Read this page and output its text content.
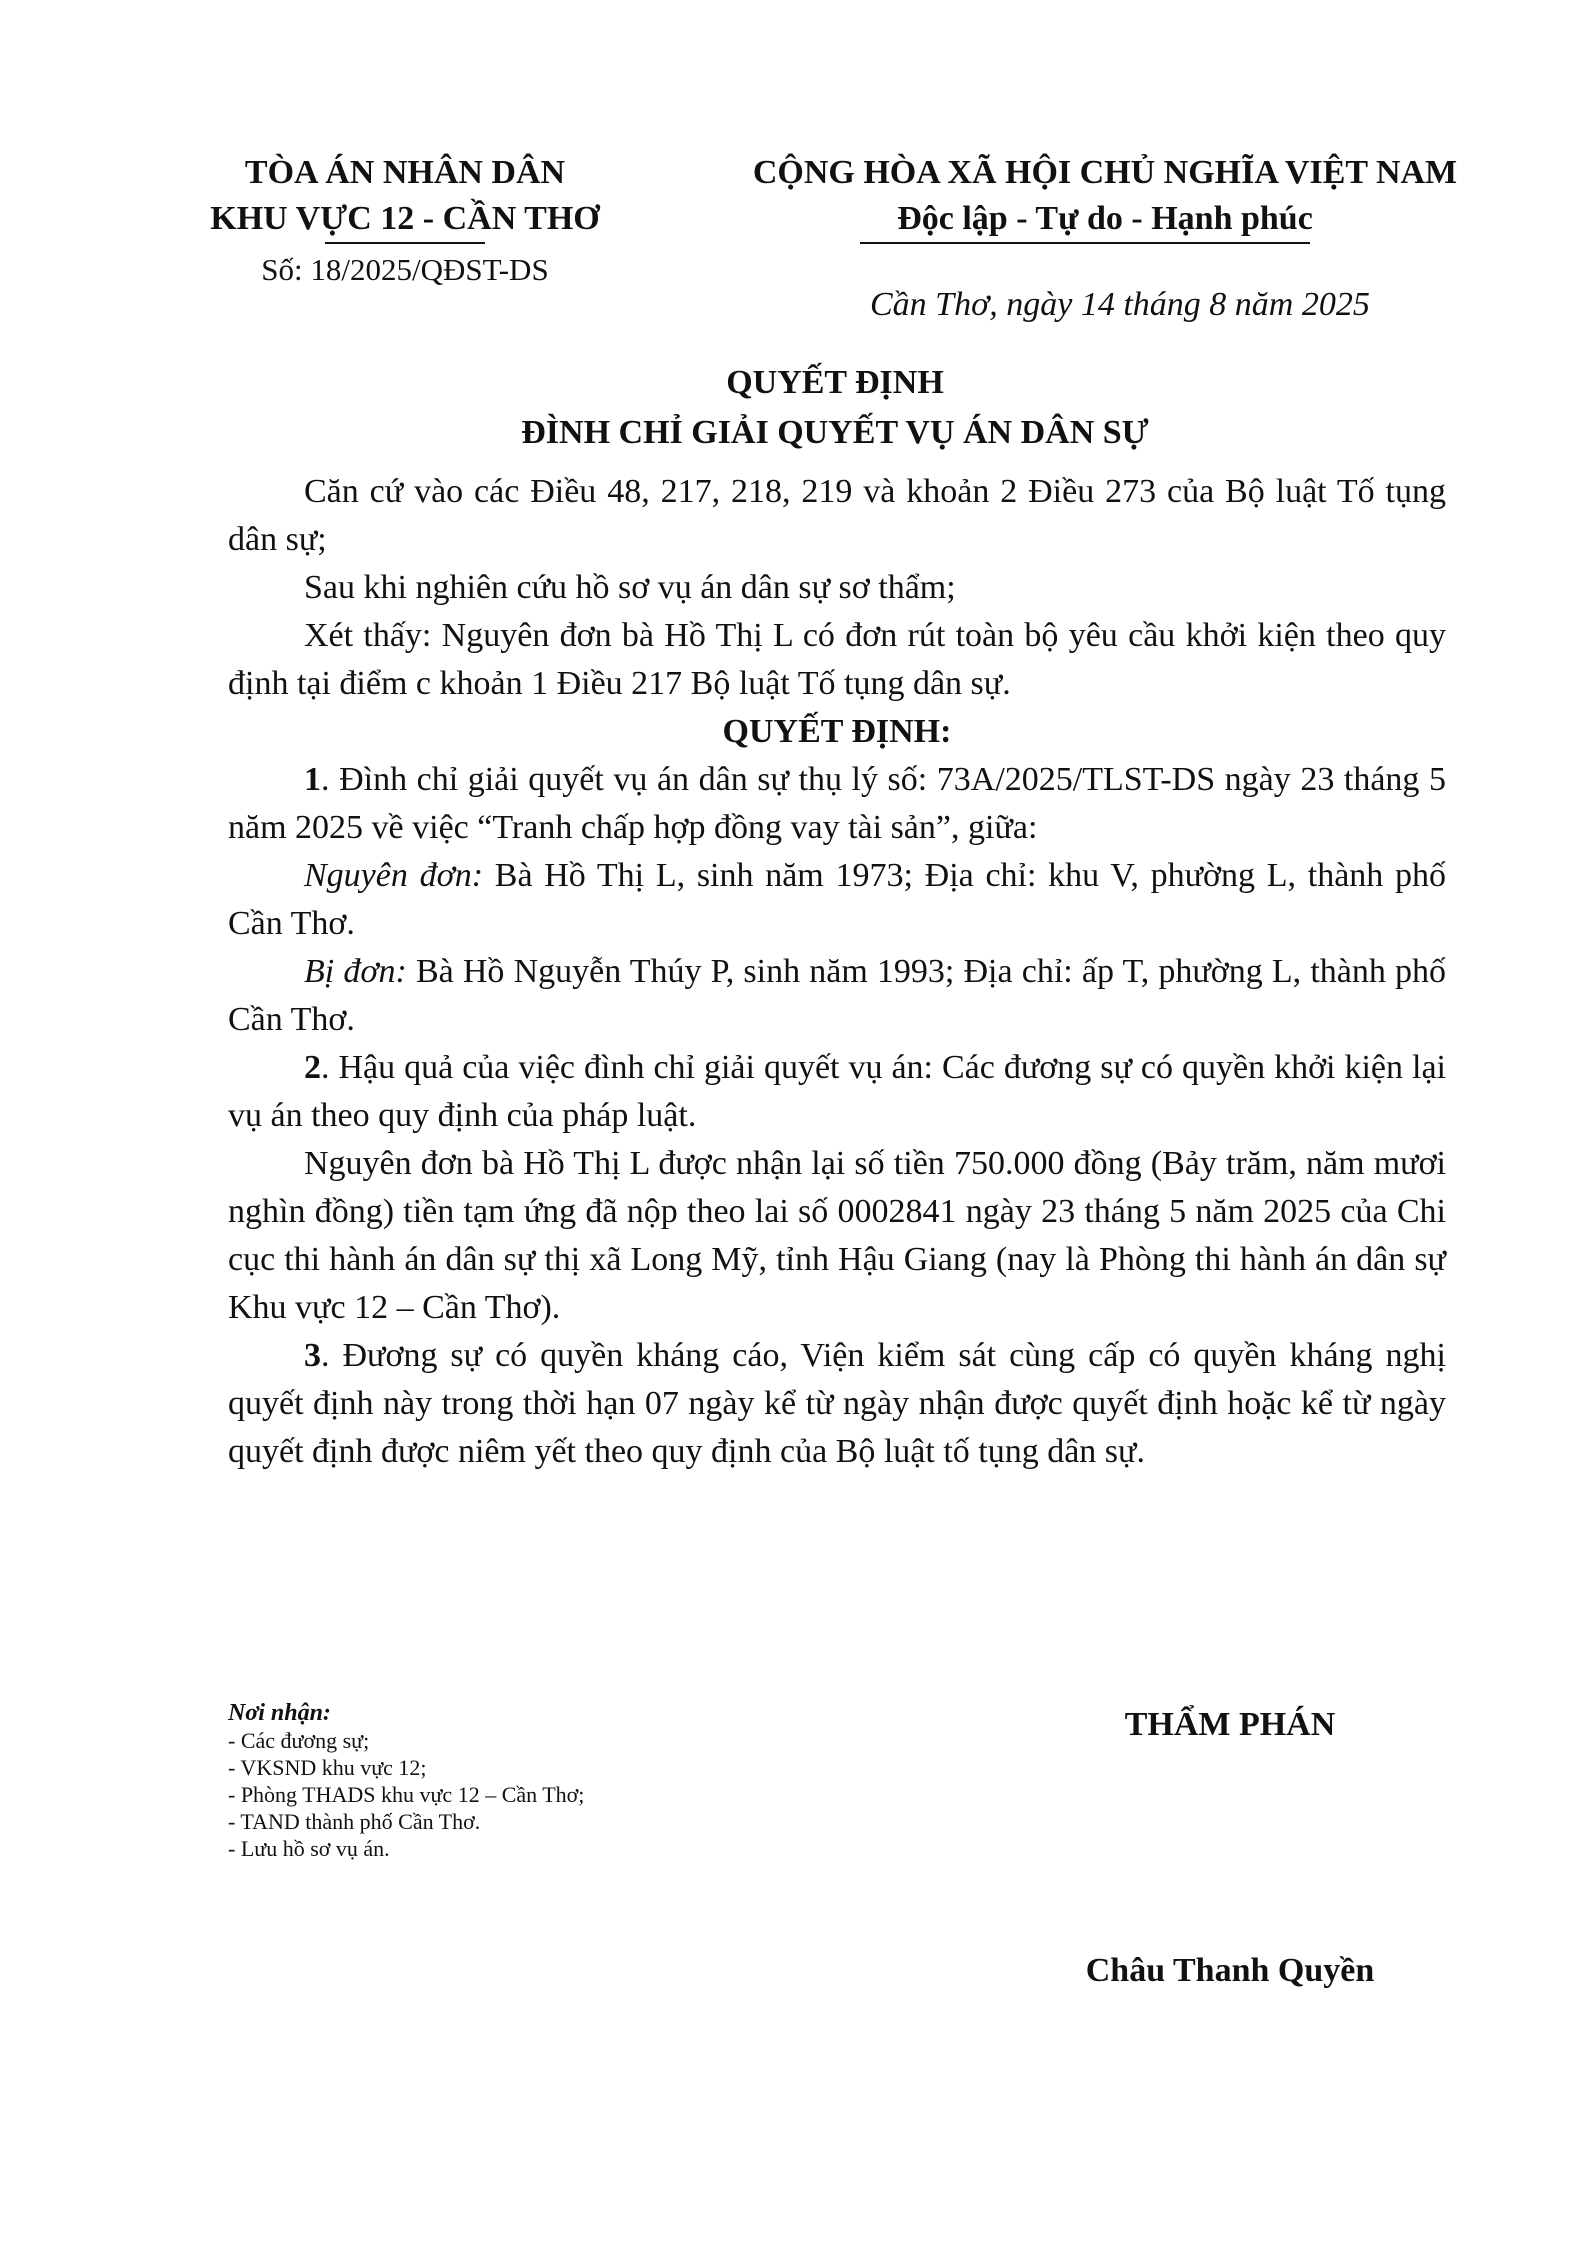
TÒA ÁN NHÂN DÂN
KHU VỰC 12 - CẦN THƠ
Số: 18/2025/QĐST-DS
CỘNG HÒA XÃ HỘI CHỦ NGHĨA VIỆT NAM
Độc lập - Tự do - Hạnh phúc
Cần Thơ, ngày 14 tháng 8 năm 2025
QUYẾT ĐỊNH
ĐÌNH CHỈ GIẢI QUYẾT VỤ ÁN DÂN SỰ

Căn cứ vào các Điều 48, 217, 218, 219 và khoản 2 Điều 273 của Bộ luật Tố tụng dân sự;

Sau khi nghiên cứu hồ sơ vụ án dân sự sơ thẩm;

Xét thấy: Nguyên đơn bà Hồ Thị L có đơn rút toàn bộ yêu cầu khởi kiện theo quy định tại điểm c khoản 1 Điều 217 Bộ luật Tố tụng dân sự.

QUYẾT ĐỊNH:

1. Đình chỉ giải quyết vụ án dân sự thụ lý số: 73A/2025/TLST-DS ngày 23 tháng 5 năm 2025 về việc “Tranh chấp hợp đồng vay tài sản”, giữa:

Nguyên đơn: Bà Hồ Thị L, sinh năm 1973; Địa chỉ: khu V, phường L, thành phố Cần Thơ.

Bị đơn: Bà Hồ Nguyễn Thúy P, sinh năm 1993; Địa chỉ: ấp T, phường L, thành phố Cần Thơ.

2. Hậu quả của việc đình chỉ giải quyết vụ án: Các đương sự có quyền khởi kiện lại vụ án theo quy định của pháp luật.

Nguyên đơn bà Hồ Thị L được nhận lại số tiền 750.000 đồng (Bảy trăm, năm mươi nghìn đồng) tiền tạm ứng đã nộp theo lai số 0002841 ngày 23 tháng 5 năm 2025 của Chi cục thi hành án dân sự thị xã Long Mỹ, tỉnh Hậu Giang (nay là Phòng thi hành án dân sự Khu vực 12 – Cần Thơ).

3. Đương sự có quyền kháng cáo, Viện kiểm sát cùng cấp có quyền kháng nghị quyết định này trong thời hạn 07 ngày kể từ ngày nhận được quyết định hoặc kể từ ngày quyết định được niêm yết theo quy định của Bộ luật tố tụng dân sự.

Nơi nhận:
- Các đương sự;
- VKSND khu vực 12;
- Phòng THADS khu vực 12 – Cần Thơ;
- TAND thành phố Cần Thơ.
- Lưu hồ sơ vụ án.
THẨM PHÁN
Châu Thanh Quyền
